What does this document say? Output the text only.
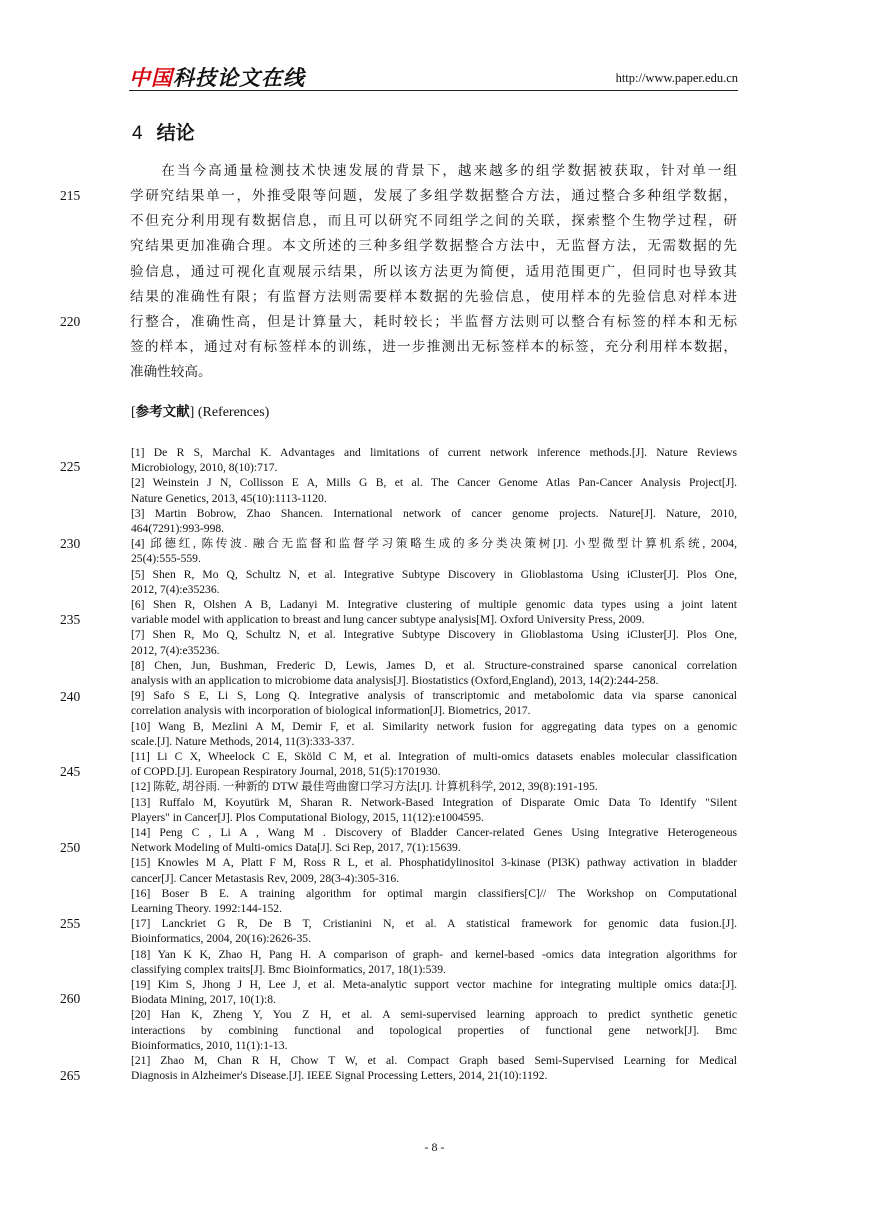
中国科技论文在线	http://www.paper.edu.cn
4 结论
　　在当今高通量检测技术快速发展的背景下，越来越多的组学数据被获取，针对单一组
学研究结果单一，外推受限等问题，发展了多组学数据整合方法，通过整合多种组学数据，
不但充分利用现有数据信息，而且可以研究不同组学之间的关联，探索整个生物学过程，研
究结果更加准确合理。本文所述的三种多组学数据整合方法中，无监督方法，无需数据的先
验信息，通过可视化直观展示结果，所以该方法更为简便，适用范围更广，但同时也导致其
结果的准确性有限；有监督方法则需要样本数据的先验信息，使用样本的先验信息对样本进
行整合，准确性高，但是计算量大，耗时较长；半监督方法则可以整合有标签的样本和无标
签的样本，通过对有标签样本的训练，进一步推测出无标签样本的标签，充分利用样本数据，
准确性较高。
[参考文献] (References)
[1] De R S, Marchal K. Advantages and limitations of current network inference methods.[J]. Nature Reviews
Microbiology, 2010, 8(10):717.
[2] Weinstein J N, Collisson E A, Mills G B, et al. The Cancer Genome Atlas Pan-Cancer Analysis Project[J].
Nature Genetics, 2013, 45(10):1113-1120.
[3] Martin Bobrow, Zhao Shancen. International network of cancer genome projects. Nature[J]. Nature, 2010,
464(7291):993-998.
[4] 邱德红, 陈传波. 融合无监督和监督学习策略生成的多分类决策树[J]. 小型微型计算机系统, 2004,
25(4):555-559.
[5] Shen R, Mo Q, Schultz N, et al. Integrative Subtype Discovery in Glioblastoma Using iCluster[J]. Plos One,
2012, 7(4):e35236.
[6] Shen R, Olshen A B, Ladanyi M. Integrative clustering of multiple genomic data types using a joint latent
variable model with application to breast and lung cancer subtype analysis[M]. Oxford University Press, 2009.
[7] Shen R, Mo Q, Schultz N, et al. Integrative Subtype Discovery in Glioblastoma Using iCluster[J]. Plos One,
2012, 7(4):e35236.
[8] Chen, Jun, Bushman, Frederic D, Lewis, James D, et al. Structure-constrained sparse canonical correlation
analysis with an application to microbiome data analysis[J]. Biostatistics (Oxford,England), 2013, 14(2):244-258.
[9] Safo S E, Li S, Long Q. Integrative analysis of transcriptomic and metabolomic data via sparse canonical
correlation analysis with incorporation of biological information[J]. Biometrics, 2017.
[10] Wang B, Mezlini A M, Demir F, et al. Similarity network fusion for aggregating data types on a genomic
scale.[J]. Nature Methods, 2014, 11(3):333-337.
[11] Li C X, Wheelock C E, Sköld C M, et al. Integration of multi-omics datasets enables molecular classification
of COPD.[J]. European Respiratory Journal, 2018, 51(5):1701930.
[12] 陈乾, 胡谷雨. 一种新的 DTW 最佳弯曲窗口学习方法[J]. 计算机科学, 2012, 39(8):191-195.
[13] Ruffalo M, Koyutürk M, Sharan R. Network-Based Integration of Disparate Omic Data To Identify "Silent
Players" in Cancer[J]. Plos Computational Biology, 2015, 11(12):e1004595.
[14] Peng C , Li A , Wang M . Discovery of Bladder Cancer-related Genes Using Integrative Heterogeneous
Network Modeling of Multi-omics Data[J]. Sci Rep, 2017, 7(1):15639.
[15] Knowles M A, Platt F M, Ross R L, et al. Phosphatidylinositol 3-kinase (PI3K) pathway activation in bladder
cancer[J]. Cancer Metastasis Rev, 2009, 28(3-4):305-316.
[16] Boser B E. A training algorithm for optimal margin classifiers[C]// The Workshop on Computational
Learning Theory. 1992:144-152.
[17] Lanckriet G R, De B T, Cristianini N, et al. A statistical framework for genomic data fusion.[J].
Bioinformatics, 2004, 20(16):2626-35.
[18] Yan K K, Zhao H, Pang H. A comparison of graph- and kernel-based -omics data integration algorithms for
classifying complex traits[J]. Bmc Bioinformatics, 2017, 18(1):539.
[19] Kim S, Jhong J H, Lee J, et al. Meta-analytic support vector machine for integrating multiple omics data:[J].
Biodata Mining, 2017, 10(1):8.
[20] Han K, Zheng Y, You Z H, et al. A semi-supervised learning approach to predict synthetic genetic
interactions by combining functional and topological properties of functional gene network[J]. Bmc
Bioinformatics, 2010, 11(1):1-13.
[21] Zhao M, Chan R H, Chow T W, et al. Compact Graph based Semi-Supervised Learning for Medical
Diagnosis in Alzheimer's Disease.[J]. IEEE Signal Processing Letters, 2014, 21(10):1192.
215
220
225
230
235
240
245
250
255
260
265
- 8 -
